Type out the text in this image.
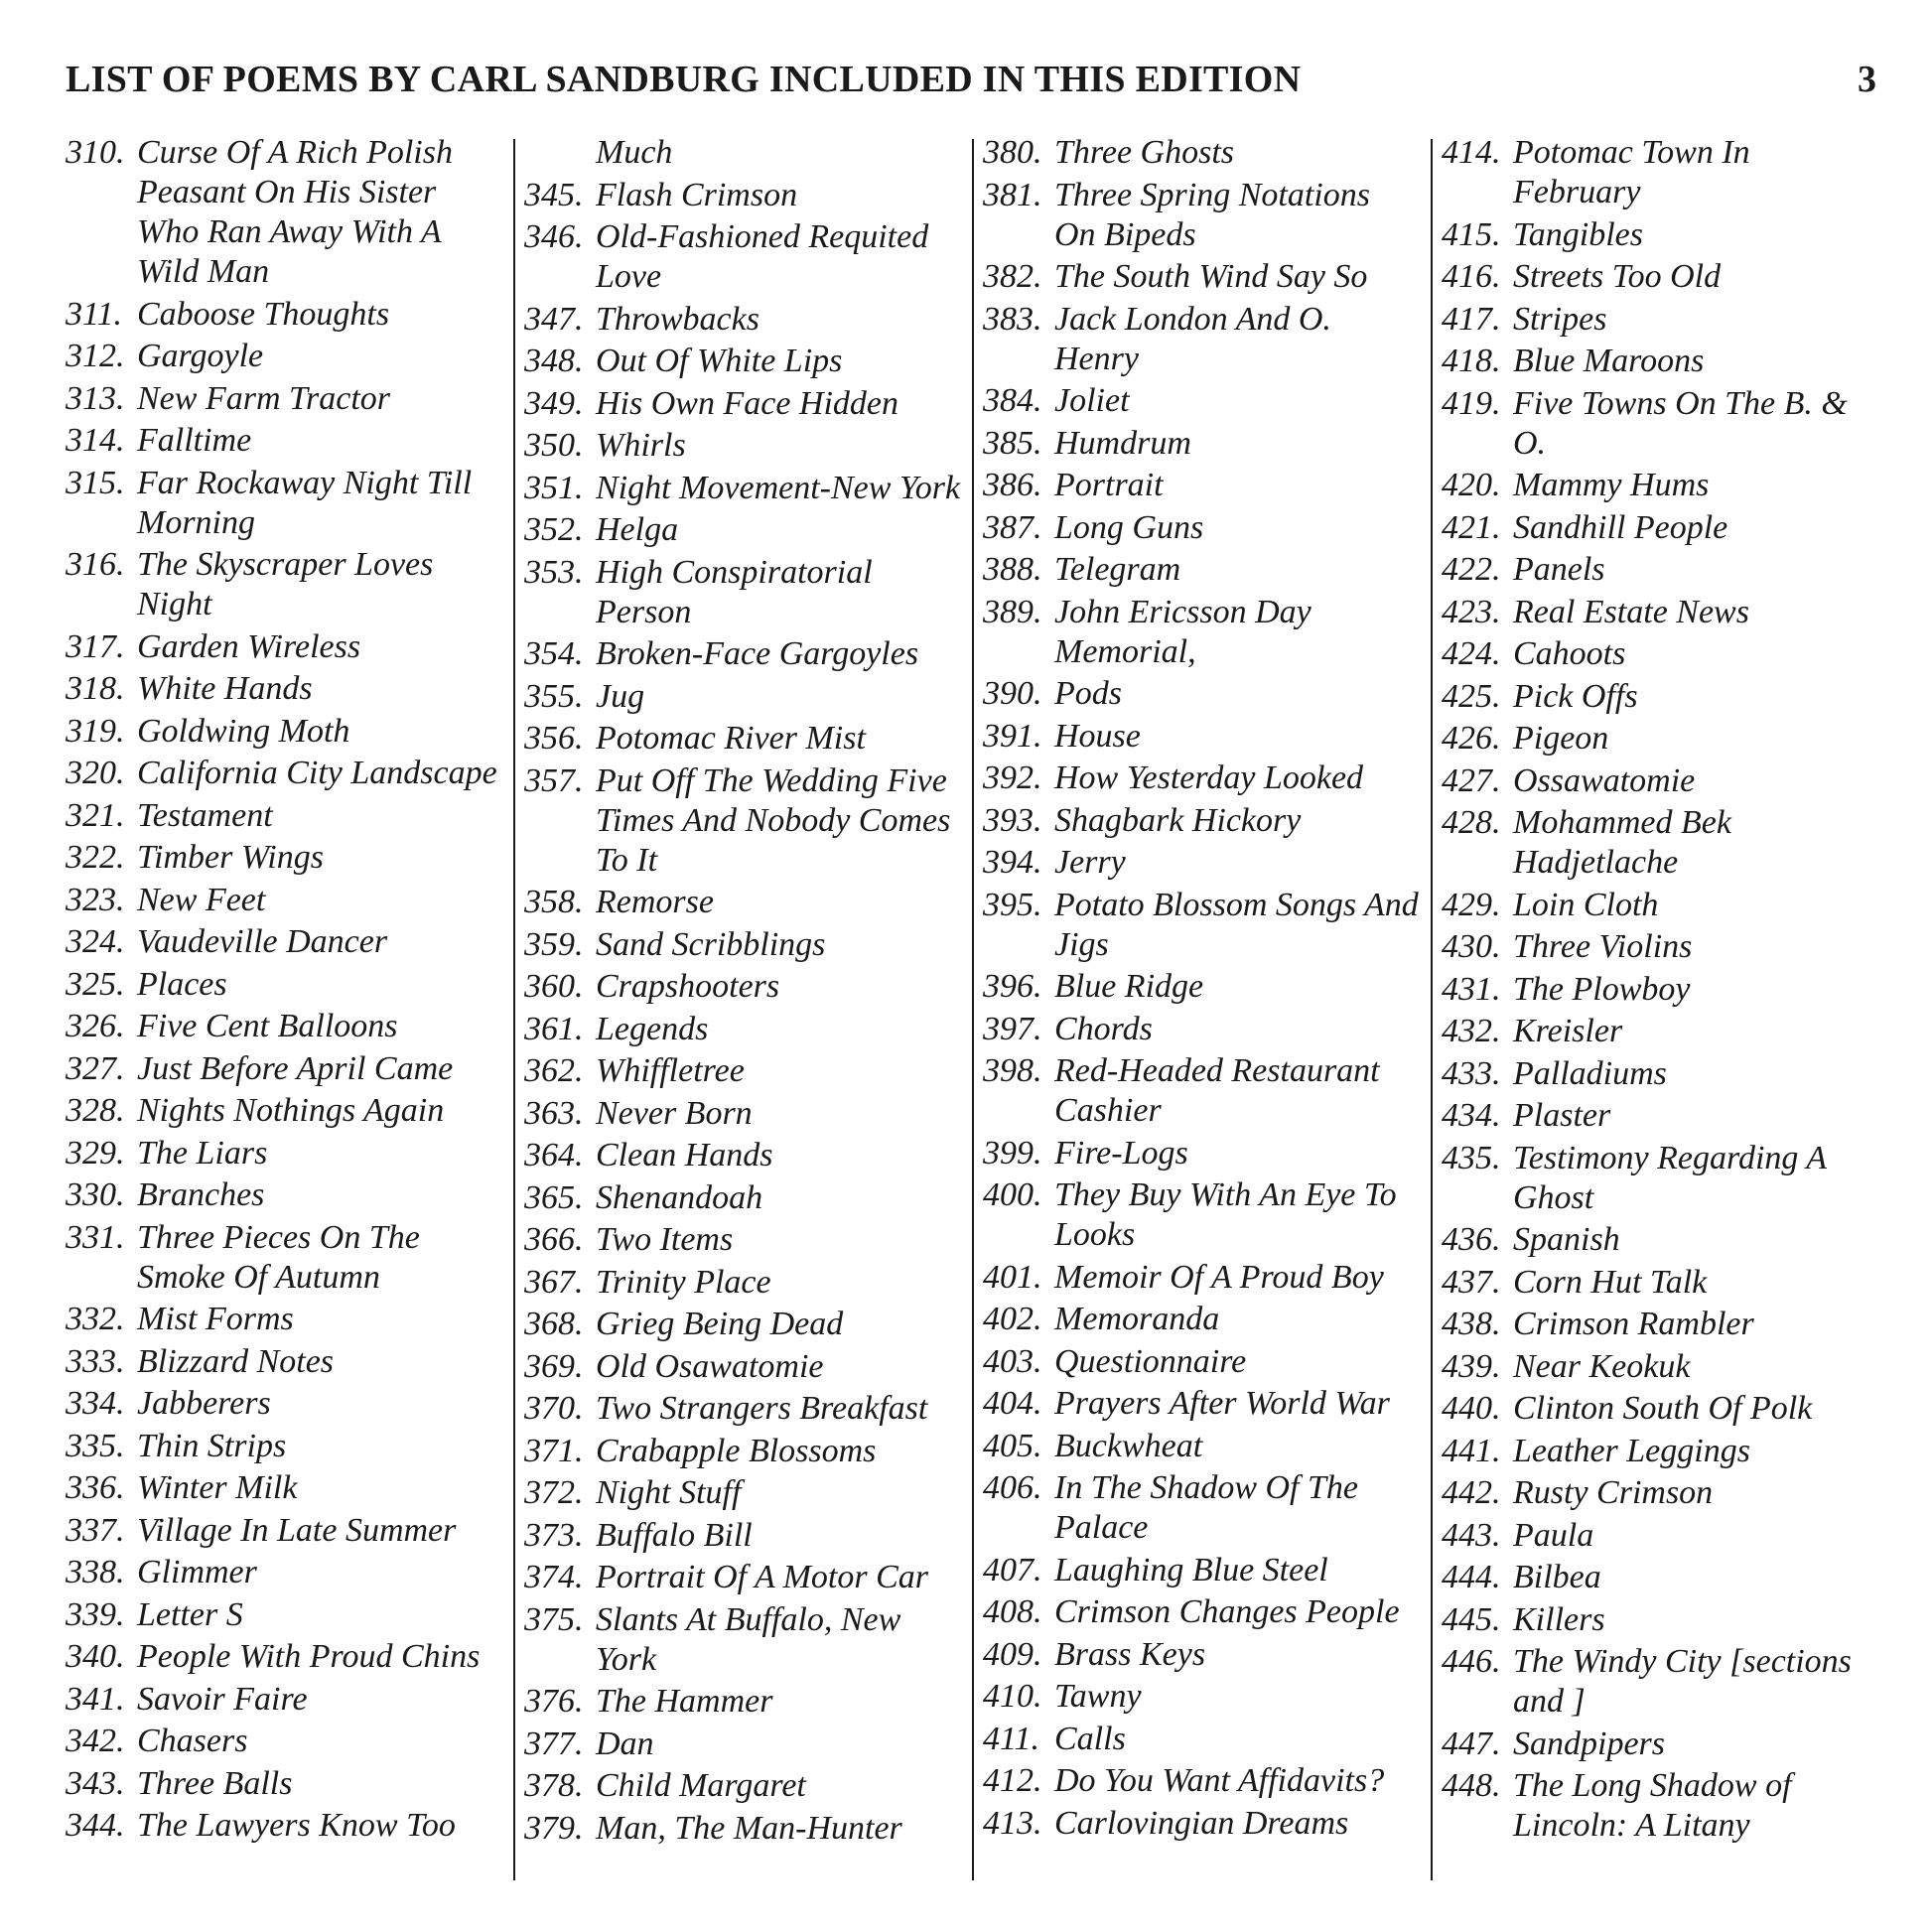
LIST OF POEMS BY CARL SANDBURG INCLUDED IN THIS EDITION	3
310. Curse Of A Rich Polish Peasant On His Sister Who Ran Away With A Wild Man
311. Caboose Thoughts
312. Gargoyle
313. New Farm Tractor
314. Falltime
315. Far Rockaway Night Till Morning
316. The Skyscraper Loves Night
317. Garden Wireless
318. White Hands
319. Goldwing Moth
320. California City Landscape
321. Testament
322. Timber Wings
323. New Feet
324. Vaudeville Dancer
325. Places
326. Five Cent Balloons
327. Just Before April Came
328. Nights Nothings Again
329. The Liars
330. Branches
331. Three Pieces On The Smoke Of Autumn
332. Mist Forms
333. Blizzard Notes
334. Jabberers
335. Thin Strips
336. Winter Milk
337. Village In Late Summer
338. Glimmer
339. Letter S
340. People With Proud Chins
341. Savoir Faire
342. Chasers
343. Three Balls
344. The Lawyers Know Too
Much
345. Flash Crimson
346. Old-Fashioned Requited Love
347. Throwbacks
348. Out Of White Lips
349. His Own Face Hidden
350. Whirls
351. Night Movement-New York
352. Helga
353. High Conspiratorial Person
354. Broken-Face Gargoyles
355. Jug
356. Potomac River Mist
357. Put Off The Wedding Five Times And Nobody Comes To It
358. Remorse
359. Sand Scribblings
360. Crapshooters
361. Legends
362. Whiffletree
363. Never Born
364. Clean Hands
365. Shenandoah
366. Two Items
367. Trinity Place
368. Grieg Being Dead
369. Old Osawatomie
370. Two Strangers Breakfast
371. Crabapple Blossoms
372. Night Stuff
373. Buffalo Bill
374. Portrait Of A Motor Car
375. Slants At Buffalo, New York
376. The Hammer
377. Dan
378. Child Margaret
379. Man, The Man-Hunter
380. Three Ghosts
381. Three Spring Notations On Bipeds
382. The South Wind Say So
383. Jack London And O. Henry
384. Joliet
385. Humdrum
386. Portrait
387. Long Guns
388. Telegram
389. John Ericsson Day Memorial,
390. Pods
391. House
392. How Yesterday Looked
393. Shagbark Hickory
394. Jerry
395. Potato Blossom Songs And Jigs
396. Blue Ridge
397. Chords
398. Red-Headed Restaurant Cashier
399. Fire-Logs
400. They Buy With An Eye To Looks
401. Memoir Of A Proud Boy
402. Memoranda
403. Questionnaire
404. Prayers After World War
405. Buckwheat
406. In The Shadow Of The Palace
407. Laughing Blue Steel
408. Crimson Changes People
409. Brass Keys
410. Tawny
411. Calls
412. Do You Want Affidavits?
413. Carlovingian Dreams
414. Potomac Town In February
415. Tangibles
416. Streets Too Old
417. Stripes
418. Blue Maroons
419. Five Towns On The B. & O.
420. Mammy Hums
421. Sandhill People
422. Panels
423. Real Estate News
424. Cahoots
425. Pick Offs
426. Pigeon
427. Ossawatomie
428. Mohammed Bek Hadjetlache
429. Loin Cloth
430. Three Violins
431. The Plowboy
432. Kreisler
433. Palladiums
434. Plaster
435. Testimony Regarding A Ghost
436. Spanish
437. Corn Hut Talk
438. Crimson Rambler
439. Near Keokuk
440. Clinton South Of Polk
441. Leather Leggings
442. Rusty Crimson
443. Paula
444. Bilbea
445. Killers
446. The Windy City [sections and ]
447. Sandpipers
448. The Long Shadow of Lincoln: A Litany
